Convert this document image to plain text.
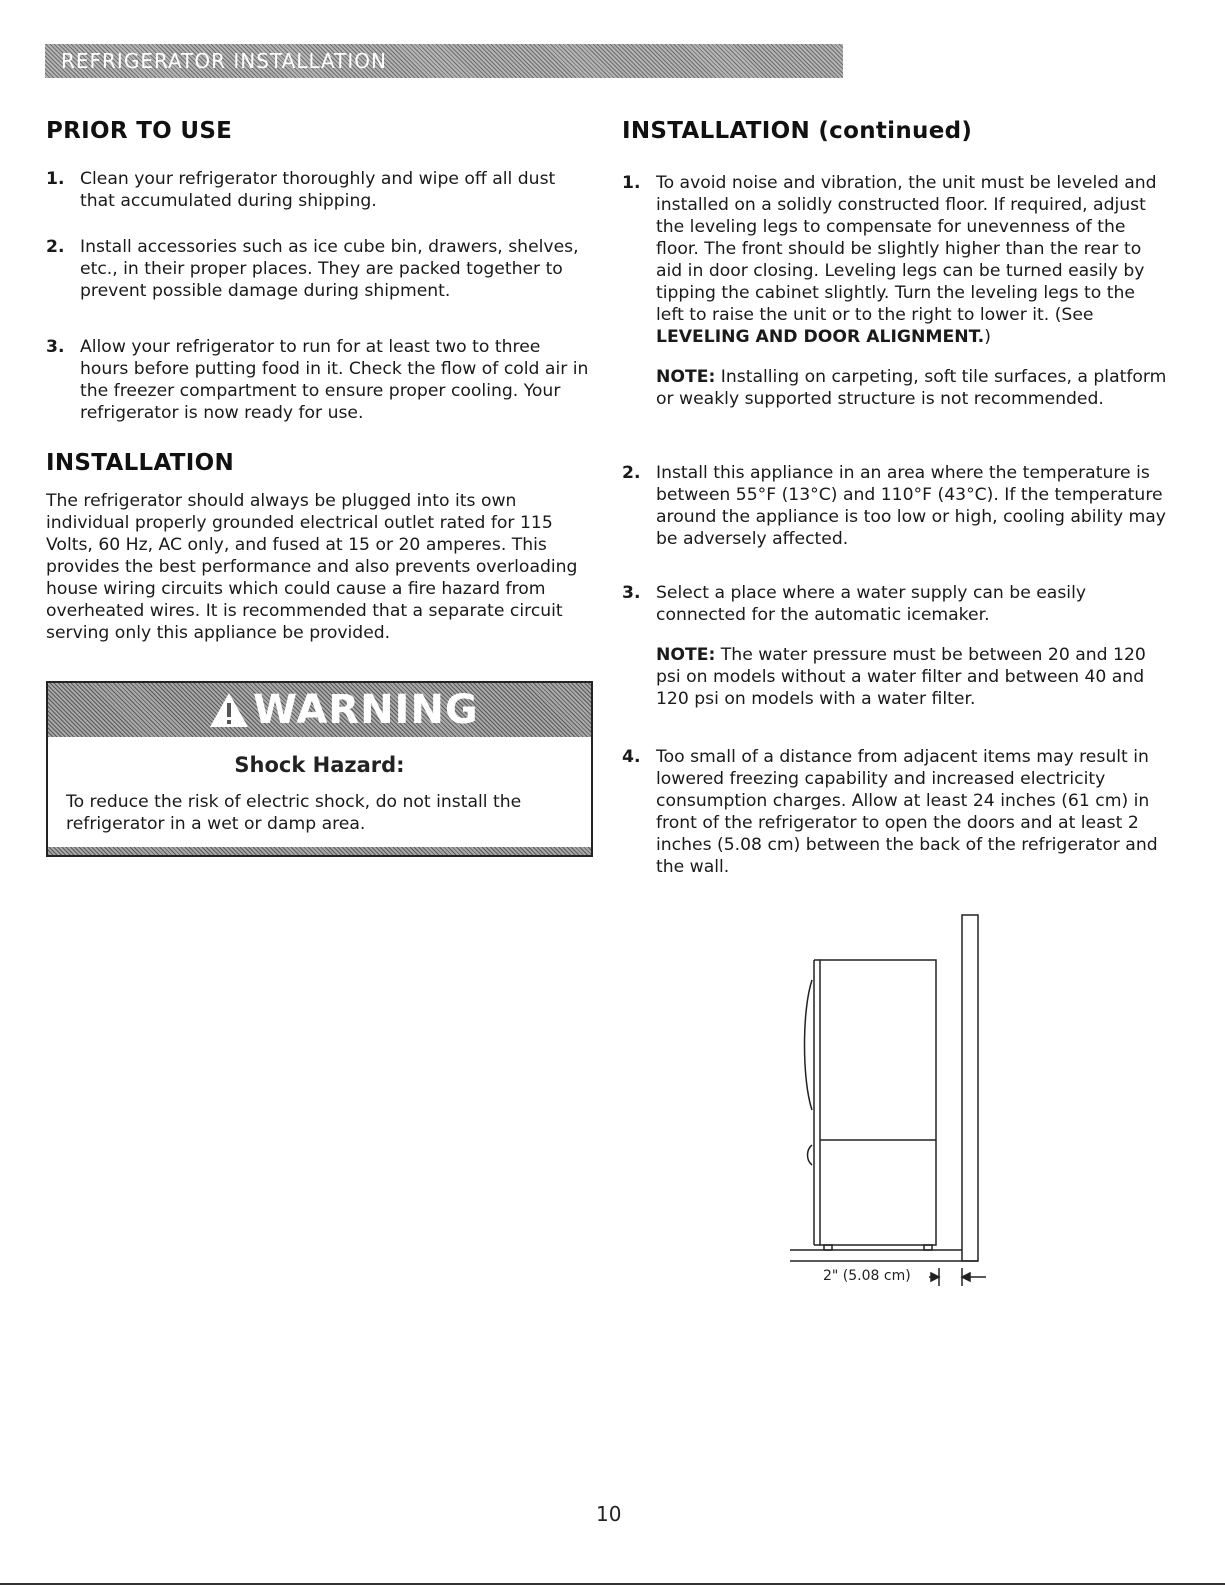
REFRIGERATOR INSTALLATION
PRIOR TO USE
1. Clean your refrigerator thoroughly and wipe off all dust that accumulated during shipping.
2. Install accessories such as ice cube bin, drawers, shelves, etc., in their proper places. They are packed together to prevent possible damage during shipment.
3. Allow your refrigerator to run for at least two to three hours before putting food in it. Check the flow of cold air in the freezer compartment to ensure proper cooling. Your refrigerator is now ready for use.
INSTALLATION
The refrigerator should always be plugged into its own individual properly grounded electrical outlet rated for 115 Volts, 60 Hz, AC only, and fused at 15 or 20 amperes. This provides the best performance and also prevents overloading house wiring circuits which could cause a fire hazard from overheated wires. It is recommended that a separate circuit serving only this appliance be provided.
WARNING
Shock Hazard:
To reduce the risk of electric shock, do not install the refrigerator in a wet or damp area.
INSTALLATION (continued)
1. To avoid noise and vibration, the unit must be leveled and installed on a solidly constructed floor. If required, adjust the leveling legs to compensate for unevenness of the floor. The front should be slightly higher than the rear to aid in door closing. Leveling legs can be turned easily by tipping the cabinet slightly. Turn the leveling legs to the left to raise the unit or to the right to lower it. (See LEVELING AND DOOR ALIGNMENT.)
NOTE: Installing on carpeting, soft tile surfaces, a platform or weakly supported structure is not recommended.
2. Install this appliance in an area where the temperature is between 55°F (13°C) and 110°F (43°C). If the temperature around the appliance is too low or high, cooling ability may be adversely affected.
3. Select a place where a water supply can be easily connected for the automatic icemaker.
NOTE: The water pressure must be between 20 and 120 psi on models without a water filter and between 40 and 120 psi on models with a water filter.
4. Too small of a distance from adjacent items may result in lowered freezing capability and increased electricity consumption charges. Allow at least 24 inches (61 cm) in front of the refrigerator to open the doors and at least 2 inches (5.08 cm) between the back of the refrigerator and the wall.
2" (5.08 cm)
10
